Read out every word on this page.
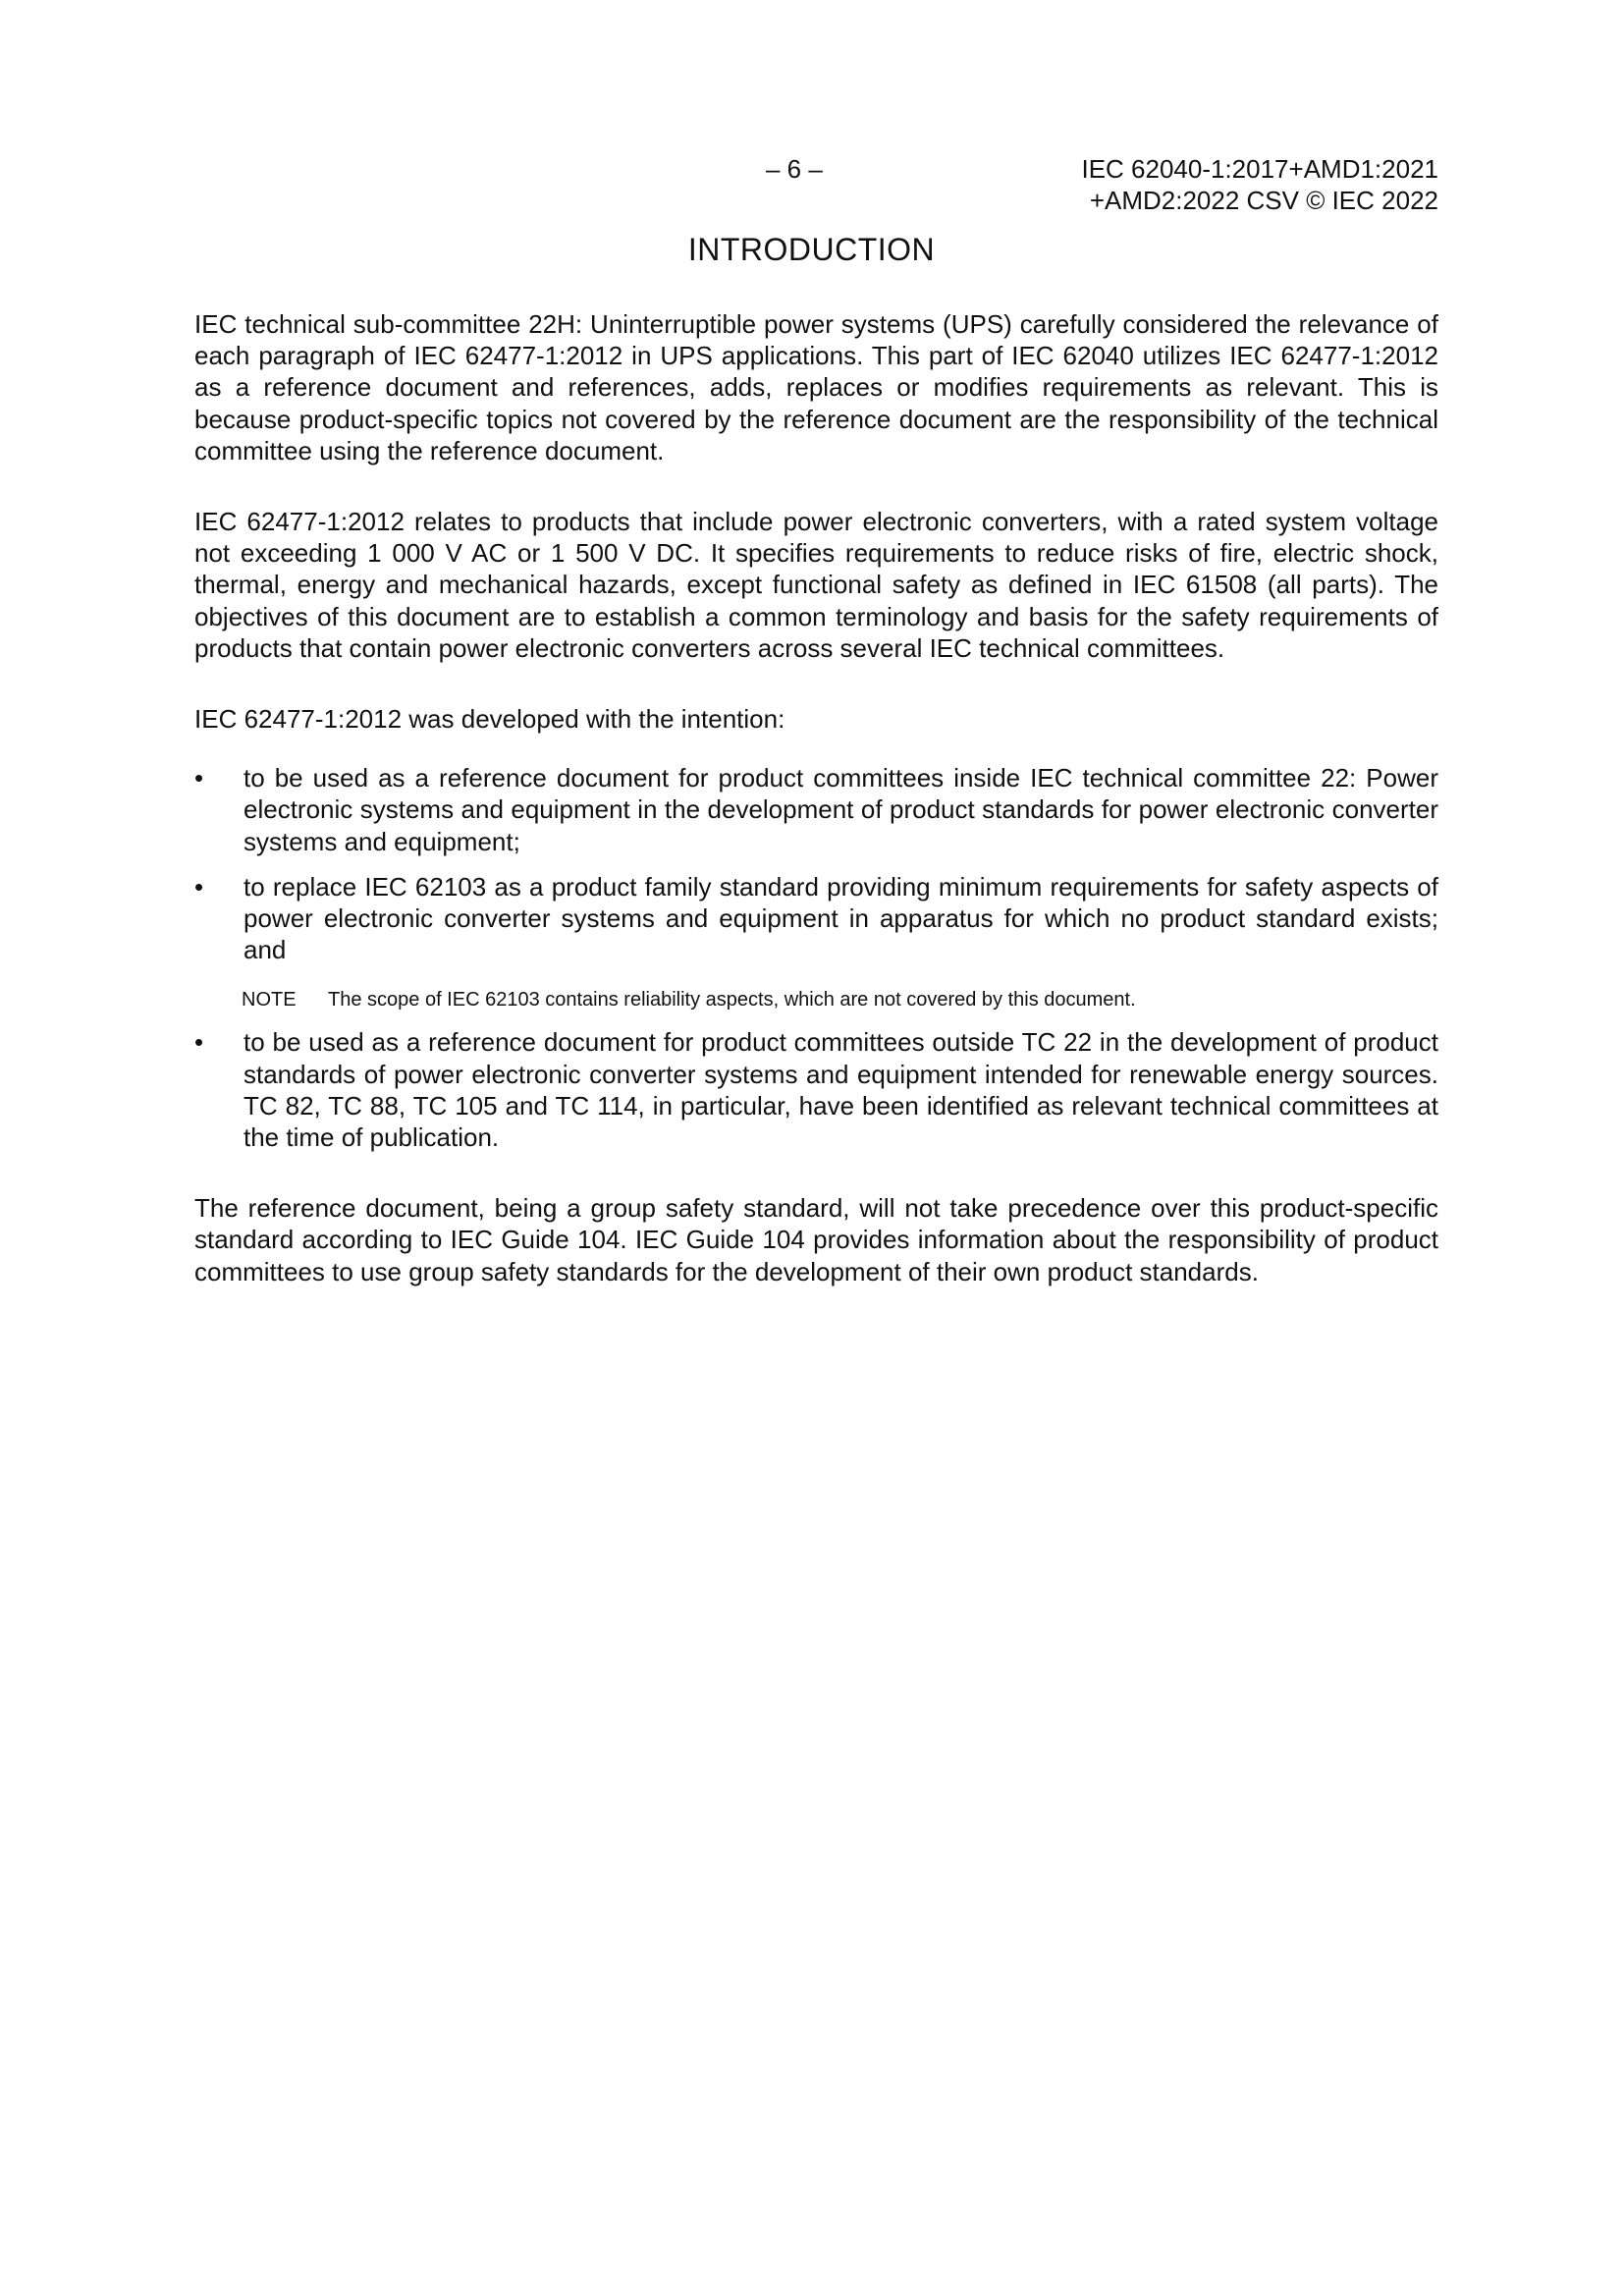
– 6 –	IEC 62040-1:2017+AMD1:2021
+AMD2:2022 CSV © IEC 2022
INTRODUCTION

IEC technical sub-committee 22H: Uninterruptible power systems (UPS) carefully considered the relevance of each paragraph of IEC 62477-1:2012 in UPS applications. This part of IEC 62040 utilizes IEC 62477-1:2012 as a reference document and references, adds, replaces or modifies requirements as relevant. This is because product-specific topics not covered by the reference document are the responsibility of the technical committee using the reference document.

IEC 62477-1:2012 relates to products that include power electronic converters, with a rated system voltage not exceeding 1 000 V AC or 1 500 V DC. It specifies requirements to reduce risks of fire, electric shock, thermal, energy and mechanical hazards, except functional safety as defined in IEC 61508 (all parts). The objectives of this document are to establish a common terminology and basis for the safety requirements of products that contain power electronic converters across several IEC technical committees.

IEC 62477-1:2012 was developed with the intention:

• to be used as a reference document for product committees inside IEC technical committee 22: Power electronic systems and equipment in the development of product standards for power electronic converter systems and equipment;
• to replace IEC 62103 as a product family standard providing minimum requirements for safety aspects of power electronic converter systems and equipment in apparatus for which no product standard exists; and
NOTE The scope of IEC 62103 contains reliability aspects, which are not covered by this document.
• to be used as a reference document for product committees outside TC 22 in the development of product standards of power electronic converter systems and equipment intended for renewable energy sources. TC 82, TC 88, TC 105 and TC 114, in particular, have been identified as relevant technical committees at the time of publication.

The reference document, being a group safety standard, will not take precedence over this product-specific standard according to IEC Guide 104. IEC Guide 104 provides information about the responsibility of product committees to use group safety standards for the development of their own product standards.
